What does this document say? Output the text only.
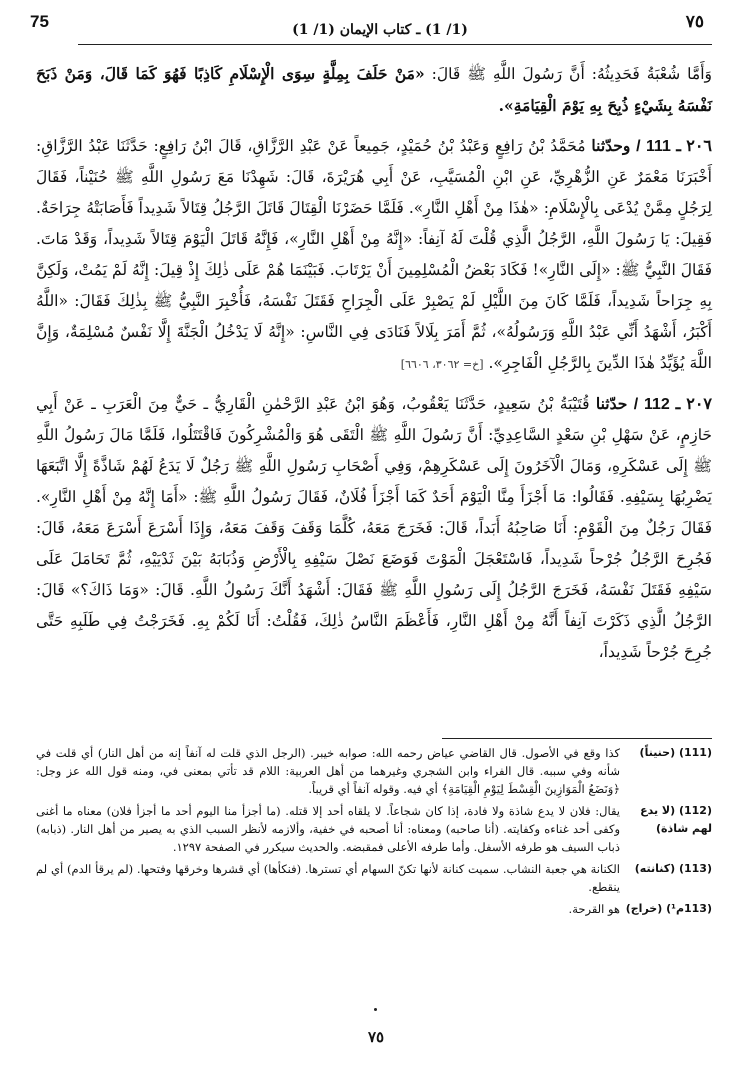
75	(1/ 1) ـ كتاب الإيمان (1/ 1)	٧٥

وَأَمَّا شُعْبَةُ فَحَدِيثُهُ: أَنَّ رَسُولَ اللَّهِ ﷺ قَالَ: «مَنْ حَلَفَ بِمِلَّةٍ سِوَى الْإِسْلَامِ كَاذِبًا فَهُوَ كَمَا قَالَ، وَمَنْ ذَبَحَ نَفْسَهُ بِشَيْءٍ ذُبِحَ بِهِ يَوْمَ الْقِيَامَةِ».

٢٠٦ ـ 111 / وحدّثنا مُحَمَّدُ بْنُ رَافِعٍ وَعَبْدُ بْنُ حُمَيْدٍ، جَمِيعاً عَنْ عَبْدِ الرَّزَّاقِ، قَالَ ابْنُ رَافِعٍ: حَدَّثَنَا عَبْدُ الرَّزَّاقِ: أَخْبَرَنَا مَعْمَرٌ عَنِ الزُّهْرِيِّ، عَنِ ابْنِ الْمُسَيَّبِ، عَنْ أَبِي هُرَيْرَةَ، قَالَ: شَهِدْنَا مَعَ رَسُولِ اللَّهِ ﷺ حُنَيْناً، فَقَالَ لِرَجُلٍ مِمَّنْ يُدْعَى بِالْإِسْلَامِ: «هٰذَا مِنْ أَهْلِ النَّارِ». فَلَمَّا حَضَرْنَا الْقِتَالَ قَاتَلَ الرَّجُلُ قِتَالاً شَدِيداً فَأَصَابَتْهُ جِرَاحَةٌ. فَقِيلَ: يَا رَسُولَ اللَّهِ، الرَّجُلُ الَّذِي قُلْتَ لَهُ آنِفاً: «إِنَّهُ مِنْ أَهْلِ النَّارِ»، فَإِنَّهُ قَاتَلَ الْيَوْمَ قِتَالاً شَدِيداً، وَقَدْ مَاتَ. فَقَالَ النَّبِيُّ ﷺ: «إِلَى النَّارِ»! فَكَادَ بَعْضُ الْمُسْلِمِينَ أَنْ يَرْتَابَ. فَبَيْنَمَا هُمْ عَلَى ذٰلِكَ إِذْ قِيلَ: إِنَّهُ لَمْ يَمُتْ، وَلَكِنَّ بِهِ جِرَاحاً شَدِيداً، فَلَمَّا كَانَ مِنَ اللَّيْلِ لَمْ يَصْبِرْ عَلَى الْجِرَاحِ فَقَتَلَ نَفْسَهُ، فَأُخْبِرَ النَّبِيُّ ﷺ بِذٰلِكَ فَقَالَ: «اللَّهُ أَكْبَرُ، أَشْهَدُ أَنِّي عَبْدُ اللَّهِ وَرَسُولُهُ»، ثُمَّ أَمَرَ بِلَالاً فَنَادَى فِي النَّاسِ: «إِنَّهُ لَا يَدْخُلُ الْجَنَّةَ إِلَّا نَفْسٌ مُسْلِمَةٌ، وَإِنَّ اللَّهَ يُؤَيِّدُ هٰذَا الدِّينَ بِالرَّجُلِ الْفَاجِرِ». [خ= ٣٠٦٢، ٦٦٠٦]

٢٠٧ ـ 112 / حدّثنا قُتَيْبَةُ بْنُ سَعِيدٍ، حَدَّثَنَا يَعْقُوبُ، وَهُوَ ابْنُ عَبْدِ الرَّحْمٰنِ الْقَارِيُّ ـ حَيٌّ مِنَ الْعَرَبِ ـ عَنْ أَبِي حَازِمٍ، عَنْ سَهْلِ بْنِ سَعْدٍ السَّاعِدِيِّ: أَنَّ رَسُولَ اللَّهِ ﷺ الْتَقَى هُوَ وَالْمُشْرِكُونَ فَاقْتَتَلُوا، فَلَمَّا مَالَ رَسُولُ اللَّهِ ﷺ إِلَى عَسْكَرِهِ، وَمَالَ الْآخَرُونَ إِلَى عَسْكَرِهِمْ، وَفِي أَصْحَابِ رَسُولِ اللَّهِ ﷺ رَجُلٌ لَا يَدَعُ لَهُمْ شَاذَّةً إِلَّا اتَّبَعَهَا يَضْرِبُهَا بِسَيْفِهِ. فَقَالُوا: مَا أَجْزَأَ مِنَّا الْيَوْمَ أَحَدٌ كَمَا أَجْزَأَ فُلَانٌ، فَقَالَ رَسُولُ اللَّهِ ﷺ: «أَمَا إِنَّهُ مِنْ أَهْلِ النَّارِ». فَقَالَ رَجُلٌ مِنَ الْقَوْمِ: أَنَا صَاحِبُهُ أَبَداً، قَالَ: فَخَرَجَ مَعَهُ، كُلَّمَا وَقَفَ وَقَفَ مَعَهُ، وَإِذَا أَسْرَعَ أَسْرَعَ مَعَهُ، قَالَ: فَجُرِحَ الرَّجُلُ جُرْحاً شَدِيداً، فَاسْتَعْجَلَ الْمَوْتَ فَوَضَعَ نَصْلَ سَيْفِهِ بِالْأَرْضِ وَذُبَابَهُ بَيْنَ ثَدْيَيْهِ، ثُمَّ تَحَامَلَ عَلَى سَيْفِهِ فَقَتَلَ نَفْسَهُ، فَخَرَجَ الرَّجُلُ إِلَى رَسُولِ اللَّهِ ﷺ فَقَالَ: أَشْهَدُ أَنَّكَ رَسُولُ اللَّهِ. قَالَ: «وَمَا ذَاكَ؟» قَالَ: الرَّجُلُ الَّذِي ذَكَرْتَ آنِفاً أَنَّهُ مِنْ أَهْلِ النَّارِ، فَأَعْظَمَ النَّاسُ ذٰلِكَ، فَقُلْتُ: أَنَا لَكُمْ بِهِ. فَخَرَجْتُ فِي طَلَبِهِ حَتَّى جُرِحَ جُرْحاً شَدِيداً،

(111) (حنيناً)
كذا وقع في الأصول. قال القاضي عياض رحمه الله: صوابه خيبر. (الرجل الذي قلت له آنفاً إنه من أهل النار) أي قلت في شأنه وفي سببه. قال الفراء وابن الشجري وغيرهما من أهل العربية: اللام قد تأتي بمعنى في، ومنه قول الله عز وجل: ﴿وَنَضَعُ الْمَوَازِينَ الْقِسْطَ لِيَوْمِ الْقِيَامَةِ﴾ أي فيه. وقوله آنفاً أي قريباً.
(112) (لا يدع لهم شاذة)
يقال: فلان لا يدع شاذة ولا فادة، إذا كان شجاعاً. لا يلقاه أحد إلا قتله. (ما أجزأ منا اليوم أحد ما أجزأ فلان) معناه ما أغنى وكفى أحد غناءه وكفايته. (أنا صاحبه) ومعناه: أنا أصحبه في خفية، وألازمه لأنظر السبب الذي به يصير من أهل النار. (ذبابه) ذباب السيف هو طرفه الأسفل. وأما طرفه الأعلى فمقبضه. والحديث سيكرر في الصفحة ١٢٩٧.
(113) (كنانته)
الكنانة هي جعبة النشاب. سميت كنانة لأنها تكنّ السهام أي تسترها. (فنكأها) أي قشرها وخرقها وفتحها. (لم يرقأ الدم) أي لم ينقطع.
(113م¹) (خراج)
هو القرحة.
٧٥
